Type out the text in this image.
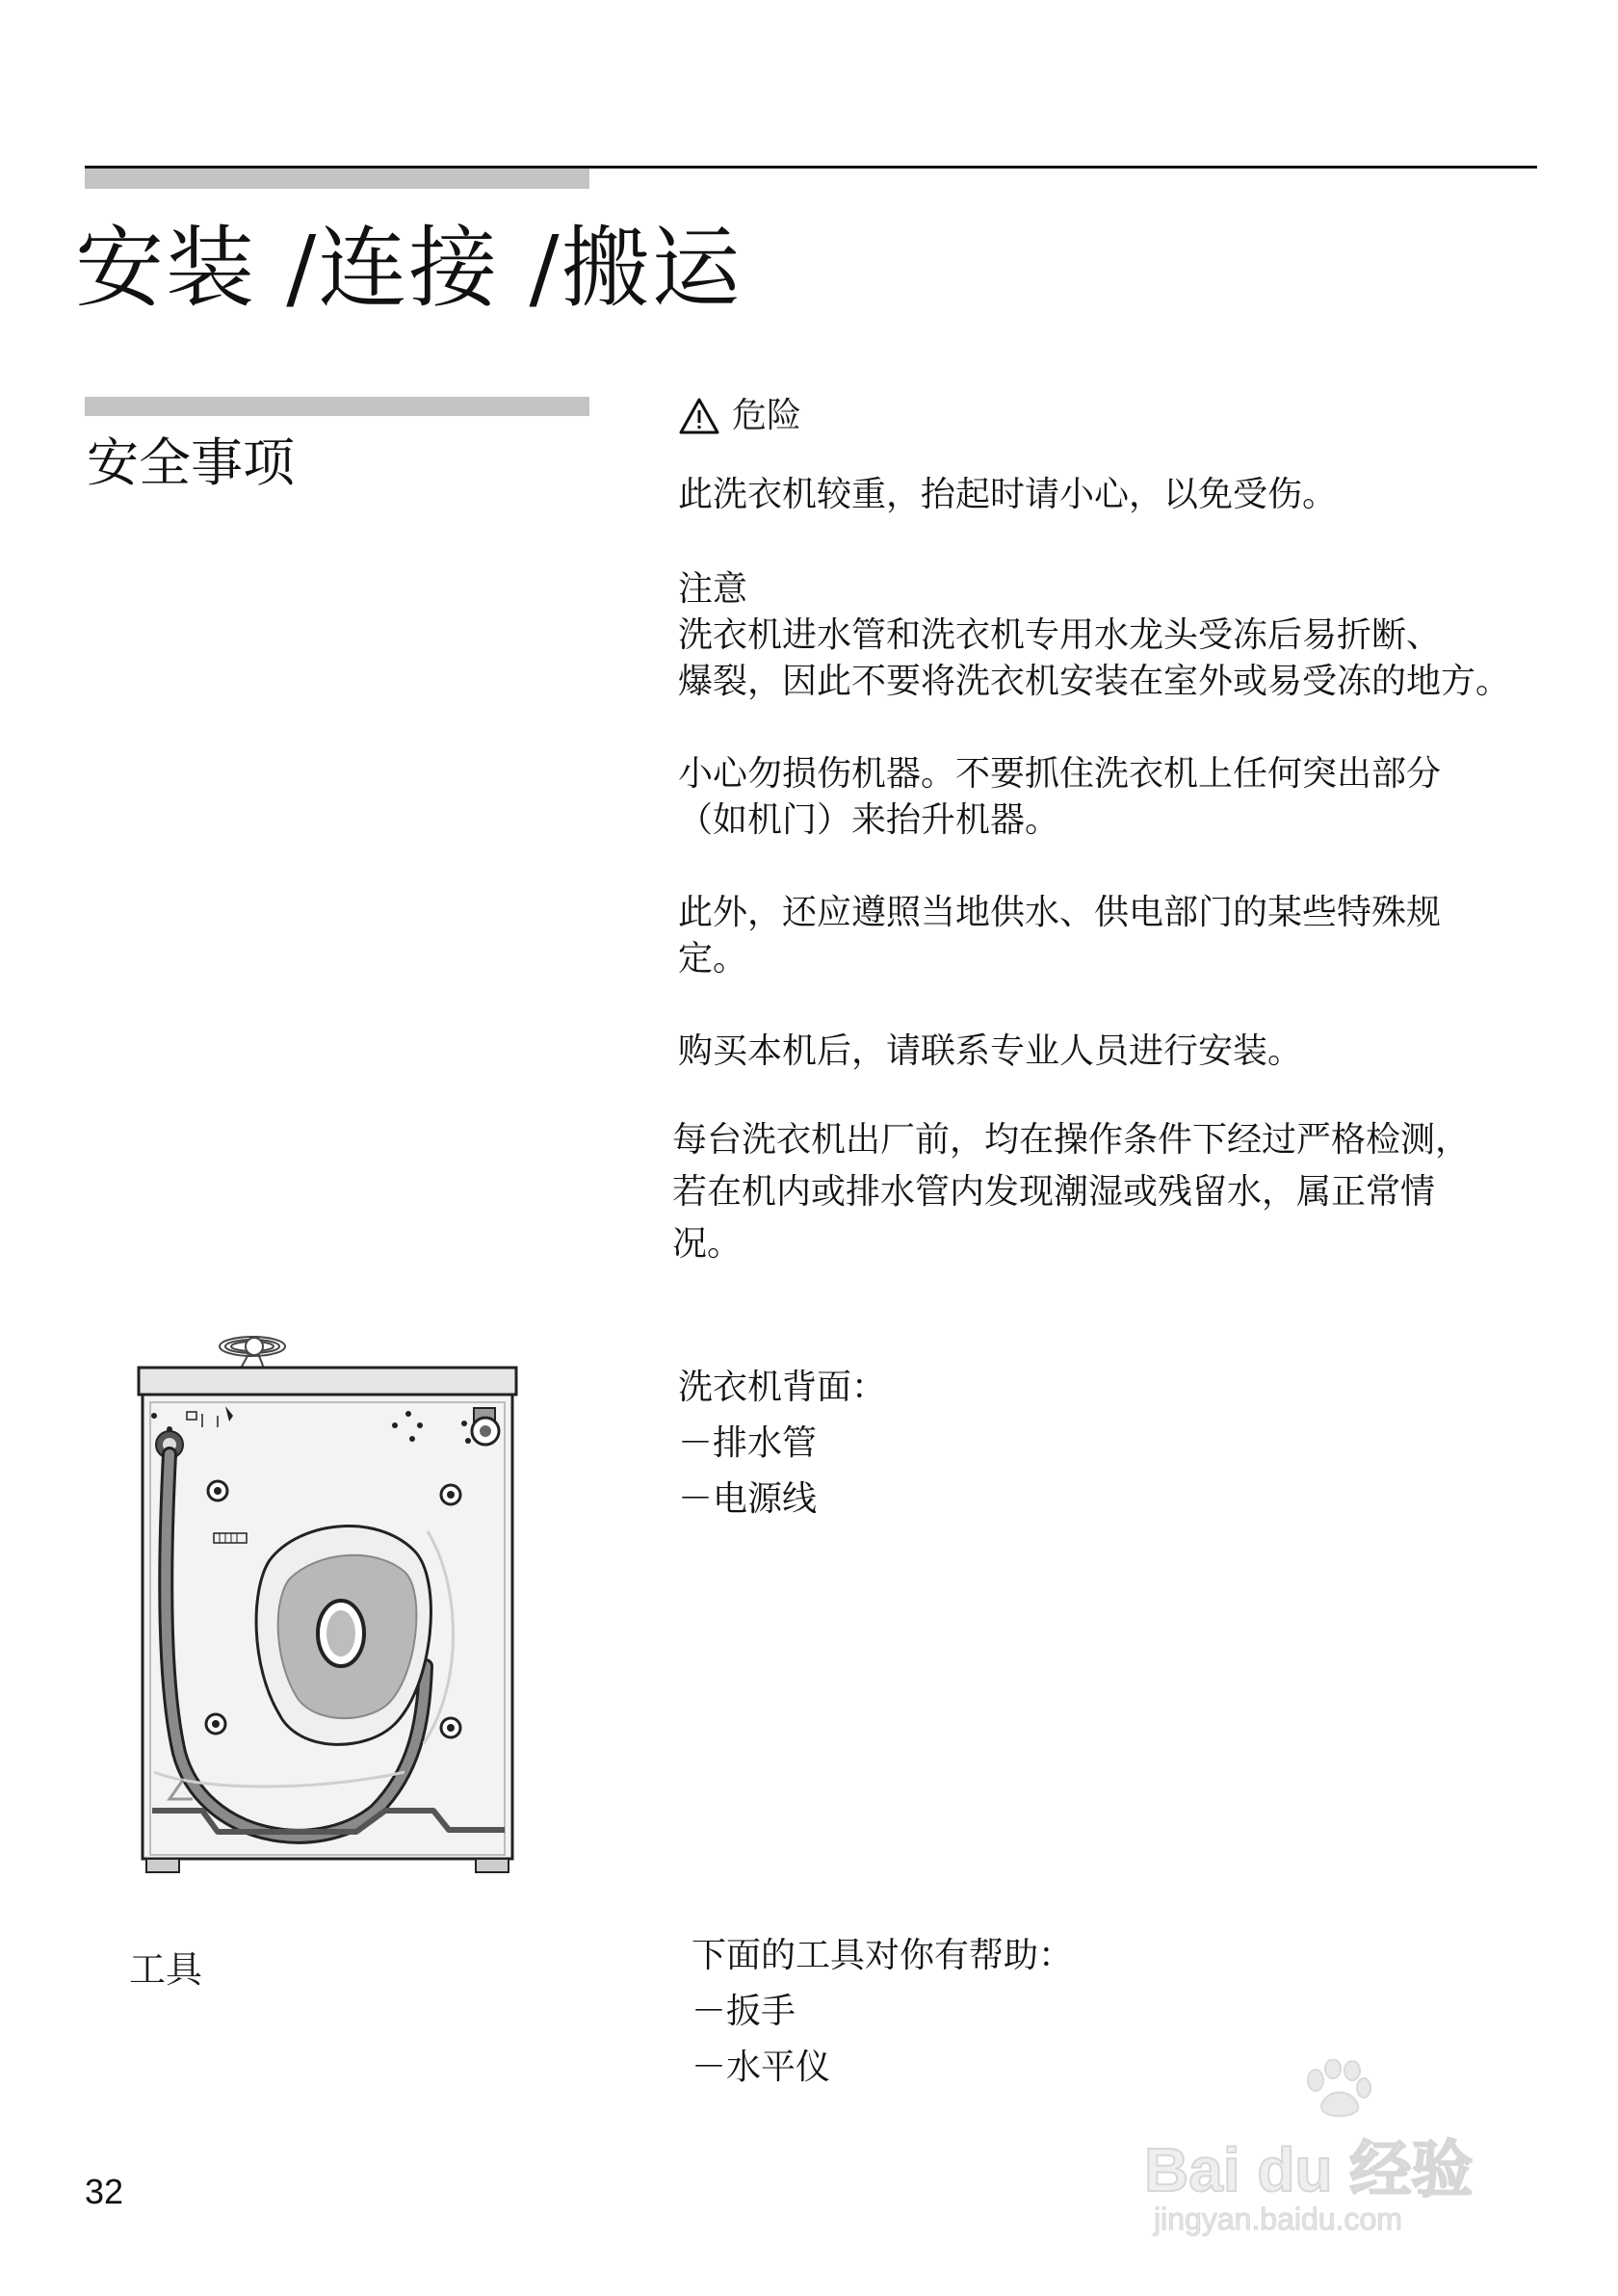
安装 /连接 /搬运
安全事项
危险
此洗衣机较重，抬起时请小心，以免受伤。
注意
洗衣机进水管和洗衣机专用水龙头受冻后易折断、
爆裂，因此不要将洗衣机安装在室外或易受冻的地方。
小心勿损伤机器。不要抓住洗衣机上任何突出部分
（如机门）来抬升机器。
此外，还应遵照当地供水、供电部门的某些特殊规
定。
购买本机后，请联系专业人员进行安装。
每台洗衣机出厂前，均在操作条件下经过严格检测，
若在机内或排水管内发现潮湿或残留水，属正常情
况。
洗衣机背面：
－排水管
－电源线
工具	下面的工具对你有帮助：
－扳手
－水平仪
32	Bai du 经验
jingyan.baidu.com
